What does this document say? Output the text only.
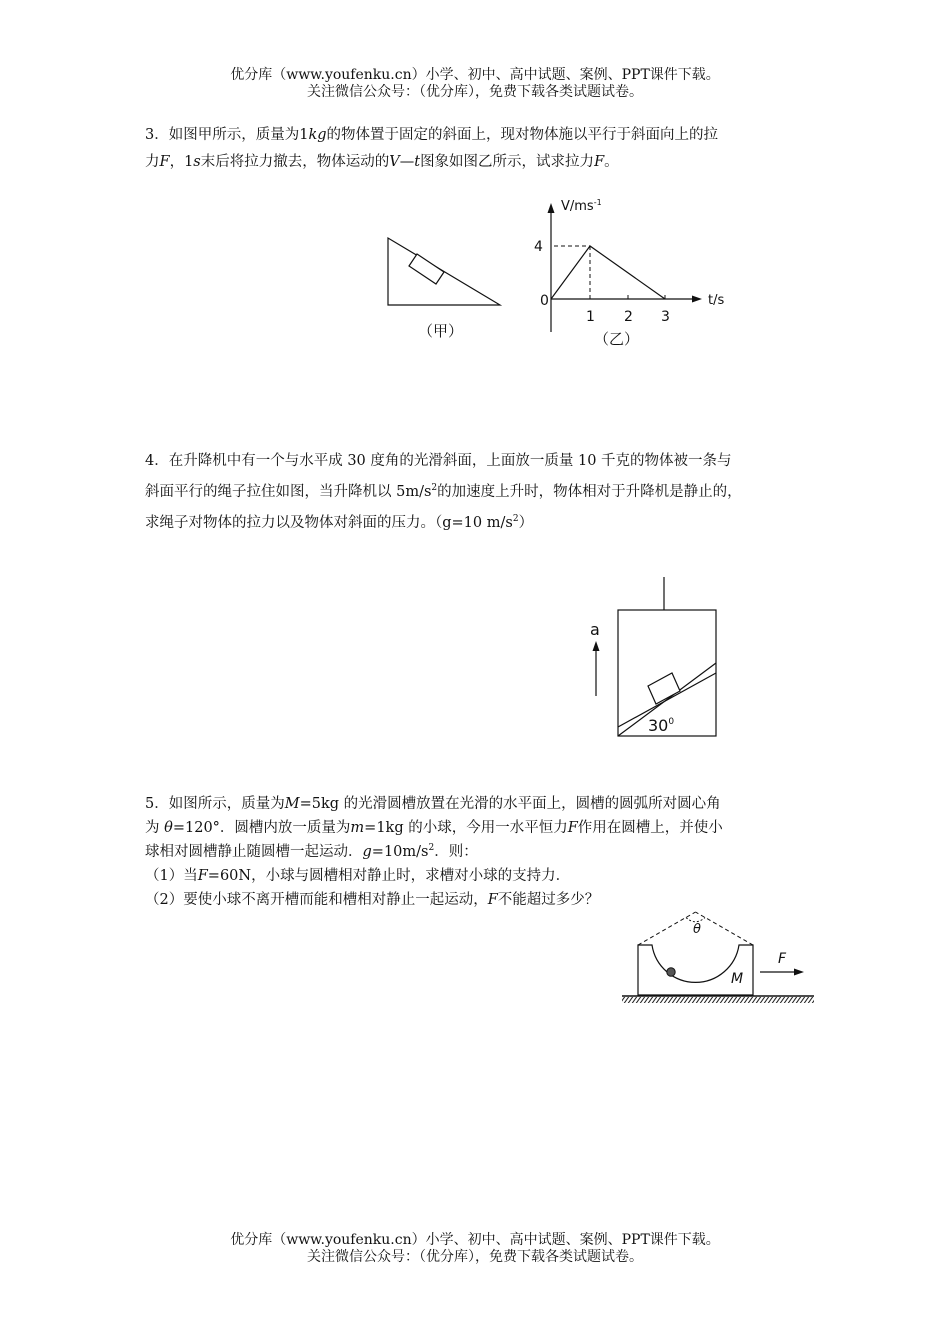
优分库（www.youfenku.cn）小学、初中、高中试题、案例、PPT课件下载。
关注微信公众号：（优分库），免费下载各类试题试卷。

3．如图甲所示，质量为1kg的物体置于固定的斜面上，现对物体施以平行于斜面向上的拉

力F，1s末后将拉力撤去，物体运动的V—t图象如图乙所示，试求拉力F。

（甲）
$V/ms^{-1}$
t/s
4
0
1 2 3
（乙）

4．在升降机中有一个与水平成 30 度角的光滑斜面，上面放一质量 10 千克的物体被一条与

斜面平行的绳子拉住如图，当升降机以 $5m/s^2$的加速度上升时，物体相对于升降机是静止的，

求绳子对物体的拉力以及物体对斜面的压力。（g=10 $m/s^2$）

a
$30^0$

5．如图所示，质量为M=5kg 的光滑圆槽放置在光滑的水平面上，圆槽的圆弧所对圆心角

为 θ=120°．圆槽内放一质量为m=1kg 的小球，今用一水平恒力F作用在圆槽上，并使小

球相对圆槽静止随圆槽一起运动．$g=10m/s^2$．则：

（1）当F=60N，小球与圆槽相对静止时，求槽对小球的支持力．

（2）要使小球不离开槽而能和槽相对静止一起运动，F不能超过多少？

θ
M
F
优分库（www.youfenku.cn）小学、初中、高中试题、案例、PPT课件下载。
关注微信公众号：（优分库），免费下载各类试题试卷。
